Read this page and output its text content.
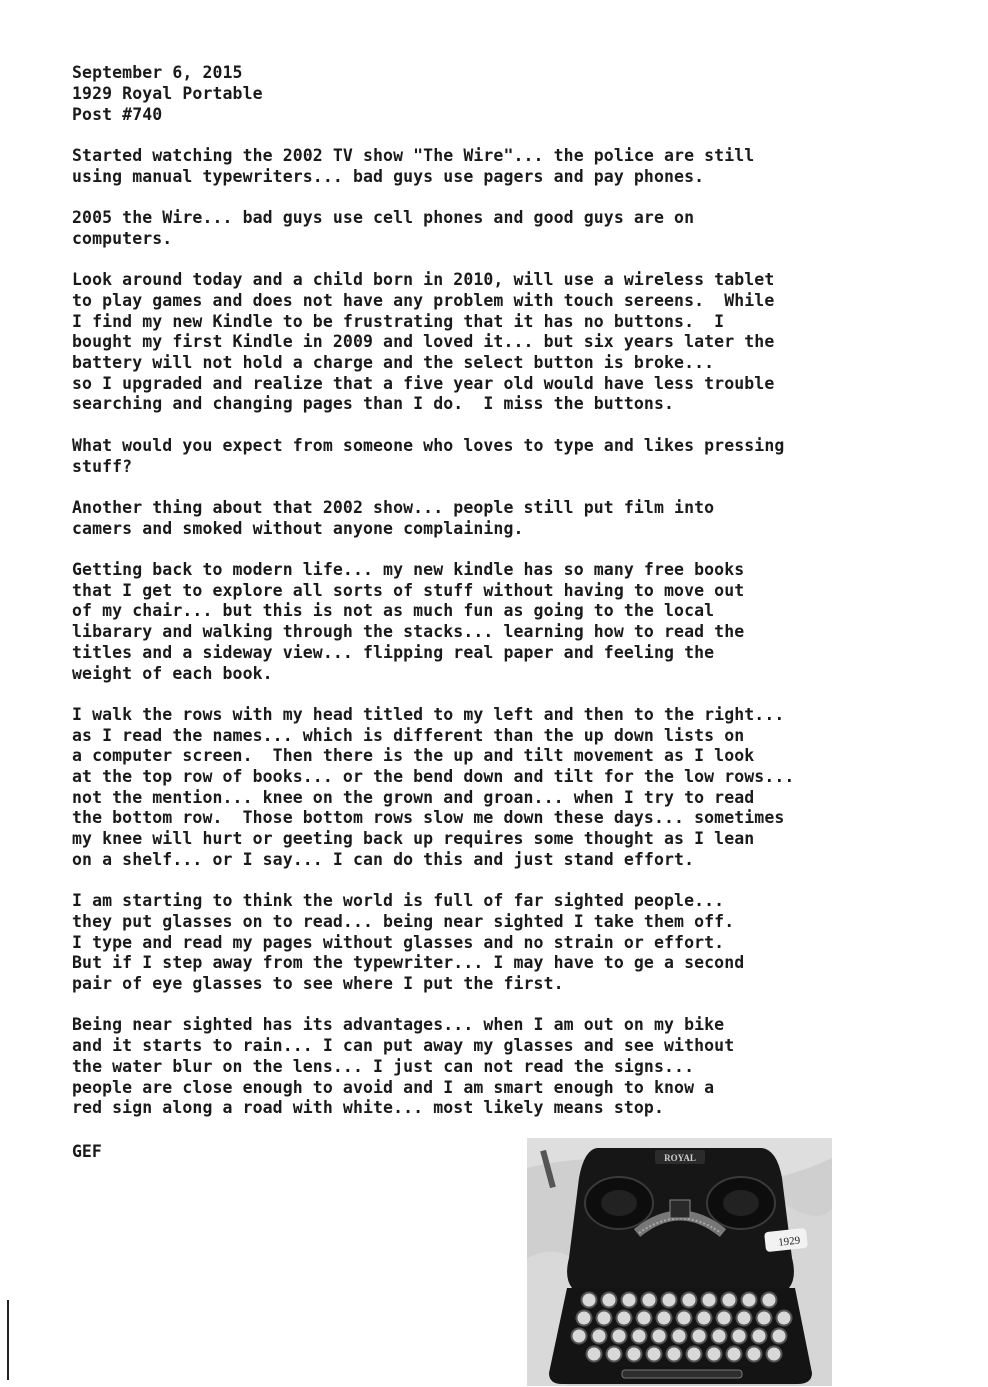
September 6, 2015
1929 Royal Portable
Post #740
Started watching the 2002 TV show "The Wire"... the police are still
using manual typewriters... bad guys use pagers and pay phones.
2005 the Wire... bad guys use cell phones and good guys are on
computers.
Look around today and a child born in 2010, will use a wireless tablet
to play games and does not have any problem with touch sereens.  While
I find my new Kindle to be frustrating that it has no buttons.  I
bought my first Kindle in 2009 and loved it... but six years later the
battery will not hold a charge and the select button is broke...
so I upgraded and realize that a five year old would have less trouble
searching and changing pages than I do.  I miss the buttons.
What would you expect from someone who loves to type and likes pressing
stuff?
Another thing about that 2002 show... people still put film into
camers and smoked without anyone complaining.
Getting back to modern life... my new kindle has so many free books
that I get to explore all sorts of stuff without having to move out
of my chair... but this is not as much fun as going to the local
libarary and walking through the stacks... learning how to read the
titles and a sideway view... flipping real paper and feeling the
weight of each book.
I walk the rows with my head titled to my left and then to the right...
as I read the names... which is different than the up down lists on
a computer screen.  Then there is the up and tilt movement as I look
at the top row of books... or the bend down and tilt for the low rows...
not the mention... knee on the grown and groan... when I try to read
the bottom row.  Those bottom rows slow me down these days... sometimes
my knee will hurt or geeting back up requires some thought as I lean
on a shelf... or I say... I can do this and just stand effort.
I am starting to think the world is full of far sighted people...
they put glasses on to read... being near sighted I take them off.
I type and read my pages without glasses and no strain or effort.
But if I step away from the typewriter... I may have to ge a second
pair of eye glasses to see where I put the first.
Being near sighted has its advantages... when I am out on my bike
and it starts to rain... I can put away my glasses and see without
the water blur on the lens... I just can not read the signs...
people are close enough to avoid and I am smart enough to know a
red sign along a road with white... most likely means stop.
GEF	ROYAL
1929
